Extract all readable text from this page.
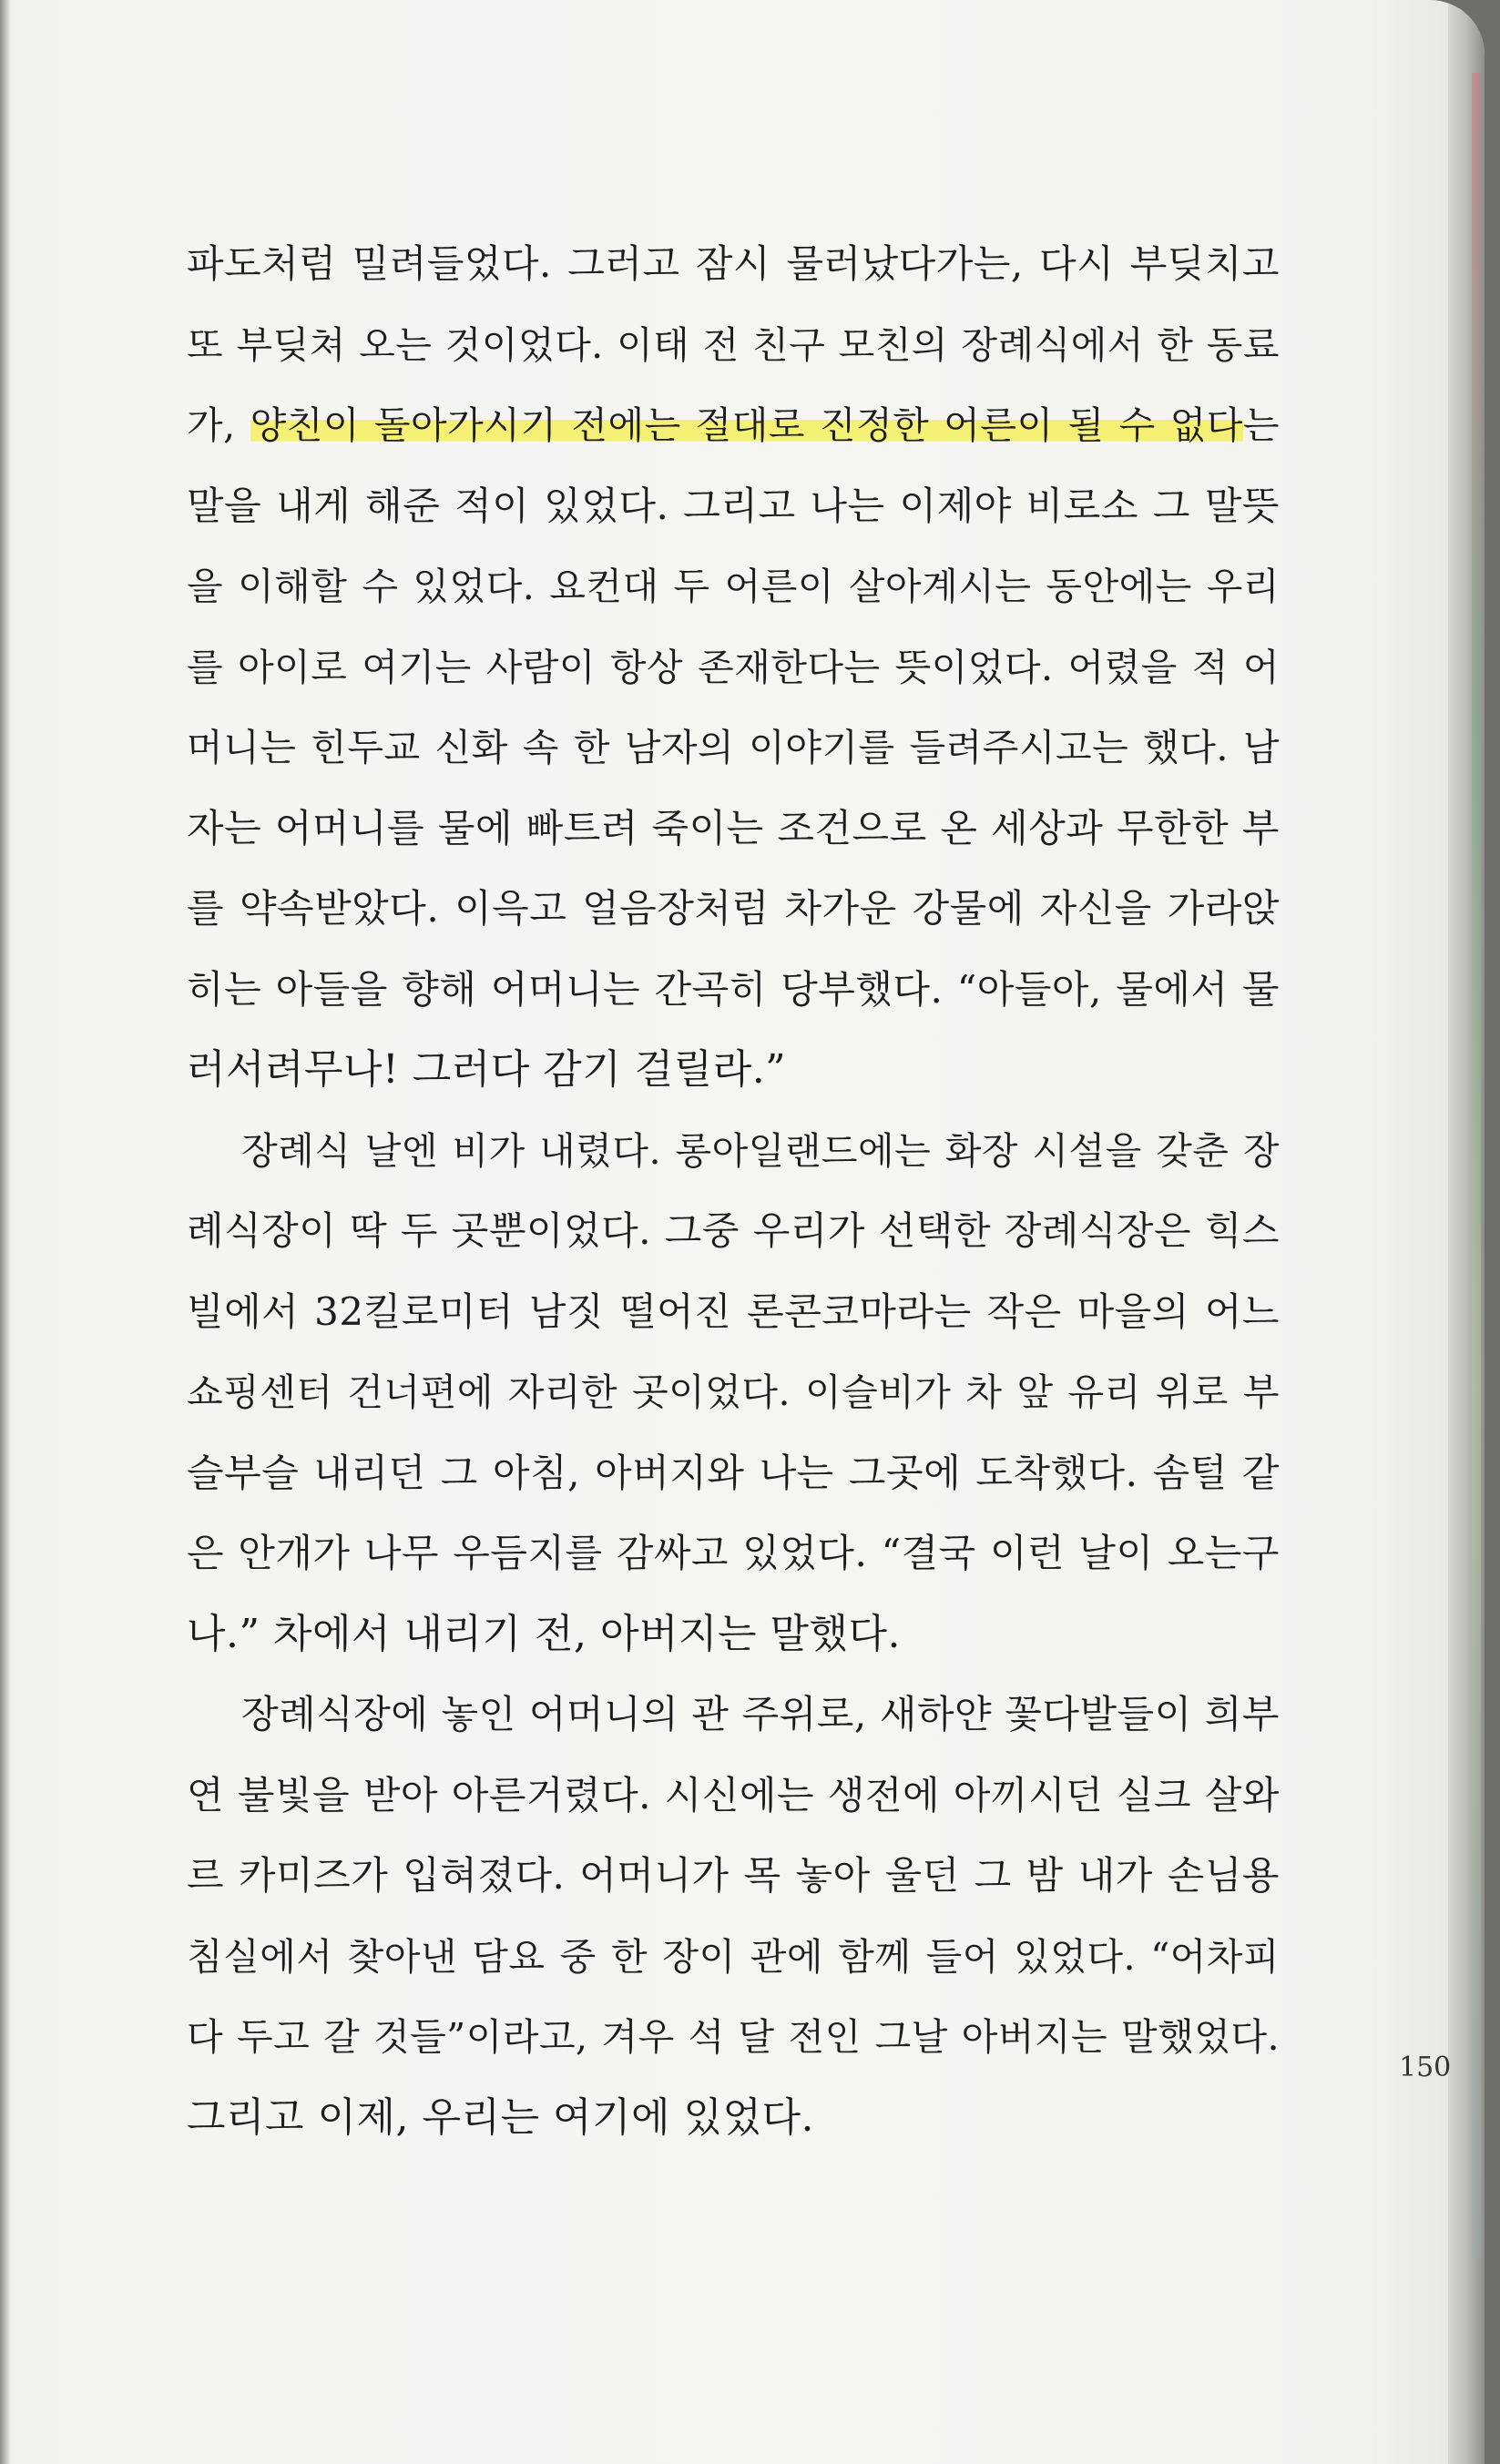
파도처럼 밀려들었다. 그러고 잠시 물러났다가는, 다시 부딪치고
또 부딪쳐 오는 것이었다. 이태 전 친구 모친의 장례식에서 한 동료
가, 양친이 돌아가시기 전에는 절대로 진정한 어른이 될 수 없다는
말을 내게 해준 적이 있었다. 그리고 나는 이제야 비로소 그 말뜻
을 이해할 수 있었다. 요컨대 두 어른이 살아계시는 동안에는 우리
를 아이로 여기는 사람이 항상 존재한다는 뜻이었다. 어렸을 적 어
머니는 힌두교 신화 속 한 남자의 이야기를 들려주시고는 했다. 남
자는 어머니를 물에 빠트려 죽이는 조건으로 온 세상과 무한한 부
를 약속받았다. 이윽고 얼음장처럼 차가운 강물에 자신을 가라앉
히는 아들을 향해 어머니는 간곡히 당부했다. “아들아, 물에서 물
러서려무나! 그러다 감기 걸릴라.”
장례식 날엔 비가 내렸다. 롱아일랜드에는 화장 시설을 갖춘 장
례식장이 딱 두 곳뿐이었다. 그중 우리가 선택한 장례식장은 힉스
빌에서 32킬로미터 남짓 떨어진 론콘코마라는 작은 마을의 어느
쇼핑센터 건너편에 자리한 곳이었다. 이슬비가 차 앞 유리 위로 부
슬부슬 내리던 그 아침, 아버지와 나는 그곳에 도착했다. 솜털 같
은 안개가 나무 우듬지를 감싸고 있었다. “결국 이런 날이 오는구
나.” 차에서 내리기 전, 아버지는 말했다.
장례식장에 놓인 어머니의 관 주위로, 새하얀 꽃다발들이 희부
연 불빛을 받아 아른거렸다. 시신에는 생전에 아끼시던 실크 살와
르 카미즈가 입혀졌다. 어머니가 목 놓아 울던 그 밤 내가 손님용
침실에서 찾아낸 담요 중 한 장이 관에 함께 들어 있었다. “어차피
다 두고 갈 것들”이라고, 겨우 석 달 전인 그날 아버지는 말했었다.
그리고 이제, 우리는 여기에 있었다.
150
